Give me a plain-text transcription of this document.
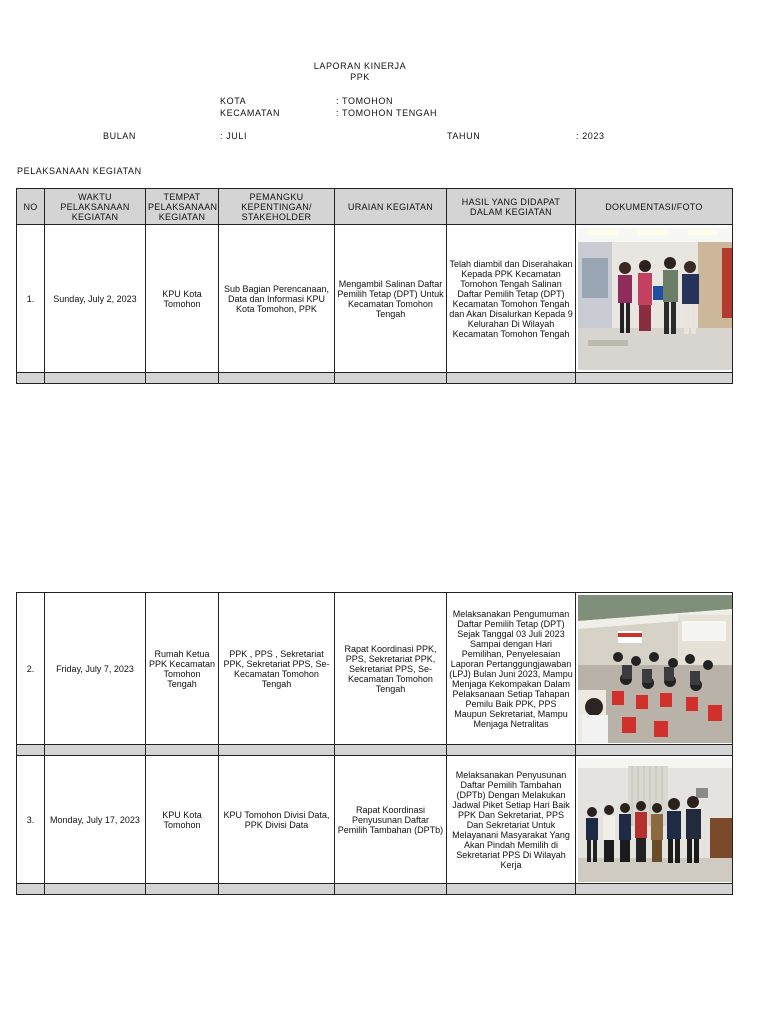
LAPORAN KINERJA
PPK
KOTA	: TOMOHON
KECAMATAN	: TOMOHON TENGAH
BULAN	: JULI	TAHUN	: 2023
PELAKSANAAN KEGIATAN
NO	WAKTU PELAKSANAAN KEGIATAN	TEMPAT PELAKSANAAN KEGIATAN	PEMANGKU KEPENTINGAN/ STAKEHOLDER	URAIAN KEGIATAN	HASIL YANG DIDAPAT DALAM KEGIATAN	DOKUMENTASI/FOTO
1.	Sunday, July 2, 2023	KPU Kota Tomohon	Sub Bagian Perencanaan, Data dan Informasi KPU Kota Tomohon, PPK	Mengambil Salinan Daftar Pemilih Tetap (DPT) Untuk Kecamatan Tomohon Tengah	Telah diambil dan Diserahakan Kepada PPK Kecamatan Tomohon Tengah Salinan Daftar Pemilih Tetap (DPT) Kecamatan Tomohon Tengah dan Akan Disalurkan Kepada 9 Kelurahan Di Wilayah Kecamatan Tomohon Tengah	

2.	Friday, July 7, 2023	Rumah Ketua PPK Kecamatan Tomohon Tengah	PPK , PPS , Sekretariat PPK, Sekretariat PPS, Se-Kecamatan Tomohon Tengah	Rapat Koordinasi PPK, PPS, Sekretariat PPK, Sekretariat PPS, Se-Kecamatan Tomohon Tengah	Melaksanakan Pengumuman Daftar Pemilih Tetap (DPT) Sejak Tanggal 03 Juli 2023 Sampai dengan Hari Pemilihan, Penyelesaian Laporan Pertanggungjawaban (LPJ) Bulan Juni 2023, Mampu Menjaga Kekompakan Dalam Pelaksanaan Setiap Tahapan Pemilu Baik PPK, PPS Maupun Sekretariat, Mampu Menjaga Netralitas	

3.	Monday, July 17, 2023	KPU Kota Tomohon	KPU Tomohon Divisi Data, PPK Divisi Data	Rapat Koordinasi Penyusunan Daftar Pemilih Tambahan (DPTb)	Melaksanakan Penyusunan Daftar Pemilih Tambahan (DPTb) Dengan Melakukan Jadwal Piket Setiap Hari Baik PPK Dan Sekretariat, PPS Dan Sekretariat Untuk Melayanani Masyarakat Yang Akan Pindah Memilih di Sekretariat PPS Di Wilayah Kerja	
